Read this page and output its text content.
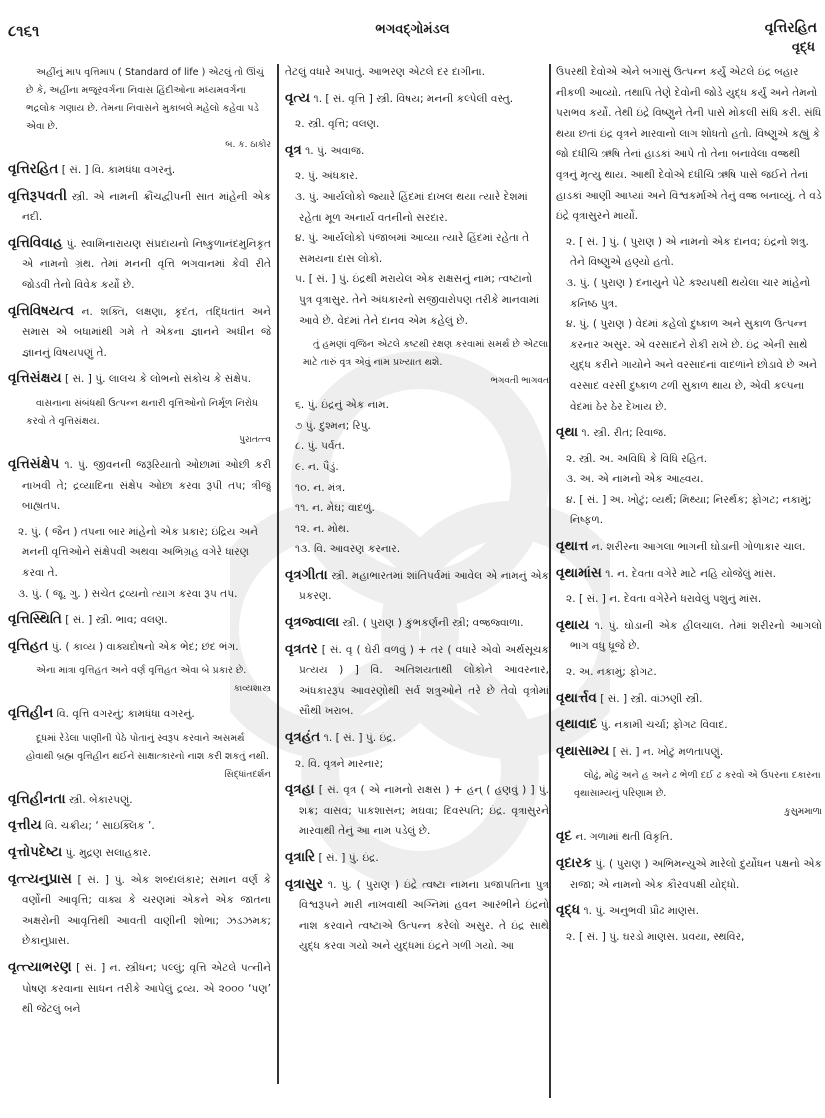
૮૧૬૧	ભગવદ્ગોમંડલ	વૃત્તિરહિત
વૃદ્ધ
અહીંનું માપ વૃત્તિમાપ ( Standard of life ) એટલું તો ઊંચું છે કે, અહીંના મજૂરવર્ગના નિવાસ હિંદીઓના મધ્યમવર્ગના ભદ્રલોક ગણાય છે. તેમના નિવાસને મુકાબલે મહેલો કહેવા પડે એવા છે.
બ. ક. ઠાકોર

વૃત્તિરહિત [ સં. ] વિ. કામધંધા વગરનું.

વૃત્તિરૂપવતી સ્ત્રી. એ નામની ક્રૌંચદ્વીપની સાત માંહેની એક નદી.

વૃત્તિવિવાહ પું. સ્વામિનારાયણ સંપ્રદાયનો નિષ્કુળાનંદમુનિકૃત એ નામનો ગ્રંથ. તેમાં મનની વૃત્તિ ભગવાનમાં કેવી રીતે જોડવી તેનો વિવેક કર્યો છે.

વૃત્તિવિષયત્વ ન. શક્તિ, લક્ષણા, કૃદંત, તદ્ધિતાંત અને સમાસ એ બધામાંથી ગમે તે એકના જ્ઞાનને અધીન જે જ્ઞાનનું વિષયપણું તે.

વૃત્તિસંક્ષય [ સં. ] પું. લાલચ કે લોભનો સંકોચ કે સંક્ષેપ.

વાસનાના સંબંધથી ઉત્પન્ન થનારી વૃત્તિઓનો નિર્મૂળ નિરોધ કરવો તે વૃત્તિસંક્ષય.
પુરાતત્ત્વ

વૃત્તિસંક્ષેપ ૧. પું. જીવનની જરૂરિયાતો ઓછામાં ઓછી કરી નાખવી તે; દ્રવ્યાદિના સંક્ષેપ ઓછા કરવા રૂપી તપ; ત્રીજું બાહ્યતપ.

૨. પું. ( જૈન ) તપના બાર માંહેનો એક પ્રકાર; ઇંદ્રિય અને મનની વૃત્તિઓને સંક્ષેપવી અથવા અભિગ્રહ વગેરે ધારણ કરવા તે.

૩. પું. ( જૂ. ગુ. ) સચેત દ્રવ્યનો ત્યાગ કરવા રૂપ તપ.

વૃત્તિસ્થિતિ [ સં. ] સ્ત્રી. ભાવ; વલણ.

વૃત્તિહત પું. ( કાવ્ય ) વાક્યદોષનો એક ભેદ; છંદ ભંગ.

એના માત્રા વૃત્તિહત અને વર્ણ વૃત્તિહત એવા બે પ્રકાર છે.
કાવ્યશાસ્ત્ર

વૃત્તિહીન વિ. વૃત્તિ વગરનું; કામધંધા વગરનું.

દૂધમાં રેડેલા પાણીની પેઠે પોતાનું સ્વરૂપ કરવાને અસમર્થ હોવાથી બ્રહ્મ વૃત્તિહીન થઈને સાક્ષાત્કારનો નાશ કરી શકતું નથી.
સિદ્ધાંતદર્શન

વૃત્તિહીનતા સ્ત્રી. બેકારપણું.

વૃત્તીય વિ. ચક્રીય; ‘ સાઇક્લિક ’.

વૃત્તોપદેષ્ટા પું. મુદ્રણ સલાહકાર.

વૃત્ત્યનુપ્રાસ [ સં. ] પું. એક શબ્દાલંકાર; સમાન વર્ણ કે વર્ણોની આવૃત્તિ; વાક્ય કે ચરણમાં એકને એક જાતના અક્ષરોની આવૃત્તિથી આવતી વાણીની શોભા; ઝડઝમક; છેકાનુપ્રાસ.

વૃત્ત્યાભરણ [ સં. ] ન. સ્ત્રીધન; પલ્લું; વૃત્તિ એટલે પત્નીને પોષણ કરવાના સાધન તરીકે આપેલું દ્રવ્ય. એ ૨૦૦૦ ‘પણ’ થી જેટલું બને

તેટલું વધારે અપાતું. આભરણ એટલે દર દાગીના.

વૃત્ય ૧. [ સં. વૃત્તિ ] સ્ત્રી. વિષય; મનની કલ્પેલી વસ્તુ.

૨. સ્ત્રી. વૃત્તિ; વલણ.

વૃત્ર ૧. પું. અવાજ.

૨. પું. અંધકાર.

૩. પું. આર્યલોકો જ્યારે હિંદમાં દાખલ થયા ત્યારે દેશમાં રહેતા મૂળ અનાર્ય વતનીનો સરદાર.

૪. પું. આર્યલોકો પંજાબમાં આવ્યા ત્યારે હિંદમાં રહેતા તે સમયના દાસ લોકો.

૫. [ સં. ] પું. ઇંદ્રથી મરાયેલ એક રાક્ષસનું નામ; ત્વષ્ટાનો પુત્ર વૃત્રાસુર. તેને અંધકારનો સજીવારોપણ તરીકે માનવામાં આવે છે. વેદમાં તેને દાનવ એમ કહેલું છે.

તું હમણાં વૃજિન એટલે કષ્ટથી રક્ષણ કરવામાં સમર્થ છે એટલા માટે તારું વૃત્ર એવું નામ પ્રખ્યાત થશે.
ભગવતી ભાગવત

૬. પું. ઇંદ્રનું એક નામ.

૭ પું. દુશ્મન; રિપુ.

૮. પું. પર્વત.

૯. ન. પૈડું.

૧૦. ન. મંત્ર.

૧૧. ન. મેઘ; વાદળું.

૧૨. ન. મોથ.

૧૩. વિ. આવરણ કરનાર.

વૃત્રગીતા સ્ત્રી. મહાભારતમાં શાંતિપર્વમાં આવેલ એ નામનું એક પ્રકરણ.

વૃત્રજ્વાલા સ્ત્રી. ( પુરાણ ) કુંભકર્ણની સ્ત્રી; વજ્રજ્વાળા.

વૃત્રતર [ સં. વૃ ( ઘેરી વળવું ) + તર ( વધારે એવો અર્થસૂચક પ્રત્યય ) ] વિ. અતિશયતાથી લોકોને આવરનાર, અંધકારરૂપ આવરણોથી સર્વ શત્રુઓને તરે છે તેવો વૃત્રોમાં સૌથી ખરાબ.

વૃત્રહંત ૧. [ સં. ] પું. ઇંદ્ર.

૨. વિ. વૃત્રને મારનાર;

વૃત્રહા [ સં. વૃત્ર ( એ નામનો રાક્ષસ ) + હન્ ( હણવું ) ] પું. શક્ર; વાસવ; પાકશાસન; મઘવા; દિવસ્પતિ; ઇંદ્ર. વૃત્રાસુરને મારવાથી તેનું આ નામ પડેલું છે.

વૃત્રારિ [ સં. ] પું. ઇંદ્ર.

વૃત્રાસુર ૧. પું. ( પુરાણ ) ઇંદ્રે ત્વષ્ટા નામના પ્રજાપતિના પુત્ર વિશ્વરૂપને મારી નાખવાથી અગ્નિમાં હવન આરંભીને ઇંદ્રનો નાશ કરવાને ત્વષ્ટાએ ઉત્પન્ન કરેલો અસુર. તે ઇંદ્ર સાથે યુદ્ધ કરવા ગયો અને યુદ્ધમાં ઇંદ્રને ગળી ગયો. આ

ઉપરથી દેવોએ એને બગાસું ઉત્પન્ન કર્યું એટલે ઇંદ્ર બહાર નીકળી આવ્યો. તથાપિ તેણે દેવોની જોડે યુદ્ધ કર્યું અને તેમનો પરાભવ કર્યો. તેથી ઇંદ્રે વિષ્ણુને તેની પાસે મોકલી સંધિ કરી. સંધિ થયા છતાં ઇંદ્ર વૃત્રને મારવાનો લાગ શોધતો હતો. વિષ્ણુએ કહ્યું કે જો દધીચિ ઋષિ તેનાં હાડકાં આપે તો તેના બનાવેલા વજ્રથી વૃત્રનું મૃત્યુ થાય. આથી દેવોએ દધીચિ ઋષિ પાસે જઈને તેનાં હાડકાં આણી આપ્યાં અને વિશ્વકર્માએ તેનું વજ્ર બનાવ્યું. તે વડે ઇંદ્રે વૃત્રાસુરને માર્યો.

૨. [ સં. ] પું. ( પુરાણ ) એ નામનો એક દાનવ; ઇંદ્રનો શત્રુ. તેને વિષ્ણુએ હણ્યો હતો.

૩. પું. ( પુરાણ ) દનાયુને પેટે કશ્યપથી થયેલા ચાર માંહેનો કનિષ્ઠ પુત્ર.

૪. પું. ( પુરાણ ) વેદમાં કહેલો દુષ્કાળ અને સુકાળ ઉત્પન્ન કરનાર અસુર. એ વરસાદને રોકી રાખે છે. ઇંદ્ર એની સાથે યુદ્ધ કરીને ગાયોને અને વરસાદનાં વાદળાંને છોડાવે છે અને વરસાદ વરસી દુષ્કાળ ટળી સુકાળ થાય છે, એવી કલ્પના વેદમાં ઠેર ઠેર દેખાય છે.

વૃથા ૧. સ્ત્રી. રીત; રિવાજ.

૨. સ્ત્રી. અ. અવિધિ કે વિધિ રહિત.

૩. અ. એ નામનો એક આહ્વય.

૪. [ સં. ] અ. ખોટું; વ્યર્થ; મિથ્યા; નિરર્થક; ફોગટ; નકામું; નિષ્ફળ.

વૃથાત્ત ન. શરીરના આગલા ભાગની ઘોડાની ગોળાકાર ચાલ.

વૃથામાંસ ૧. ન. દેવતા વગેરે માટે નહિ યોજેલું માંસ.

૨. [ સં. ] ન. દેવતા વગેરેને ધરાવેલું પશુનું માંસ.

વૃથાય ૧. પું. ઘોડાની એક હીલચાલ. તેમાં શરીરનો આગલો ભાગ વધુ ધ્રૂજે છે.

૨. અ. નકામું; ફોગટ.

વૃથાર્ત્તવ [ સં. ] સ્ત્રી. વાંઝણી સ્ત્રી.

વૃથાવાદ પું. નકામી ચર્ચા; ફોગટ વિવાદ.

વૃથાસામ્ય [ સં. ] ન. ખોટું મળતાપણું.

લોઢું, મોઢું અને હ અને ઢ ભેળી દઈ ઢ કરવો એ ઉપરના દકારના વૃથાસામ્યનું પરિણામ છે.
કુસુમમાળા

વૃદ ન. ગળામાં થતી વિકૃતિ.

વૃદારક પું. ( પુરાણ ) અભિમન્યુએ મારેલો દુર્યોધન પક્ષનો એક રાજા; એ નામનો એક કૌરવપક્ષી યોદ્ધો.

વૃદ્ધ ૧. પું. અનુભવી પ્રૌઢ માણસ.

૨. [ સં. ] પું. ઘરડો માણસ. પ્રવયા, સ્થવિર,
